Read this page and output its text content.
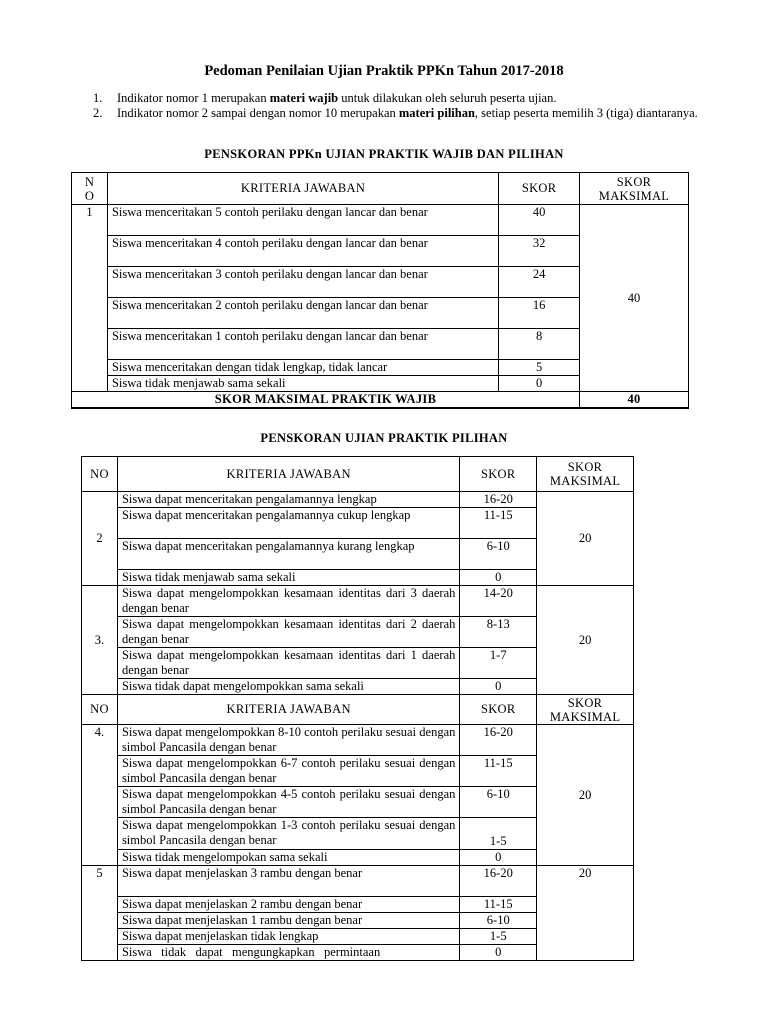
Pedoman Penilaian Ujian Praktik PPKn Tahun 2017-2018
1.	Indikator nomor 1 merupakan materi wajib untuk dilakukan oleh seluruh peserta ujian.
2.	Indikator nomor 2 sampai dengan nomor 10 merupakan materi pilihan, setiap peserta memilih 3 (tiga) diantaranya.
PENSKORAN PPKn UJIAN PRAKTIK WAJIB DAN PILIHAN
N O	KRITERIA JAWABAN	SKOR	SKOR MAKSIMAL
1	Siswa menceritakan 5 contoh perilaku dengan lancar dan benar	40	40
	Siswa menceritakan 4 contoh perilaku dengan lancar dan benar	32	
	Siswa menceritakan 3 contoh perilaku dengan lancar dan benar	24	
	Siswa menceritakan 2 contoh perilaku dengan lancar dan benar	16	
	Siswa menceritakan 1 contoh perilaku dengan lancar dan benar	8	
	Siswa menceritakan dengan tidak lengkap, tidak lancar	5	
	Siswa tidak menjawab sama sekali	0	
SKOR MAKSIMAL PRAKTIK WAJIB			40
PENSKORAN UJIAN PRAKTIK PILIHAN
NO	KRITERIA JAWABAN	SKOR	SKOR MAKSIMAL
2	Siswa dapat menceritakan pengalamannya lengkap	16-20	20
	Siswa dapat menceritakan pengalamannya cukup lengkap	11-15	
	Siswa dapat menceritakan pengalamannya kurang lengkap	6-10	
	Siswa tidak menjawab sama sekali	0	
3.	Siswa dapat mengelompokkan kesamaan identitas dari 3 daerah dengan benar	14-20	20
	Siswa dapat mengelompokkan kesamaan identitas dari 2 daerah dengan benar	8-13	
	Siswa dapat mengelompokkan kesamaan identitas dari 1 daerah dengan benar	1-7	
	Siswa tidak dapat mengelompokkan sama sekali	0	
NO	KRITERIA JAWABAN	SKOR	SKOR MAKSIMAL
4.	Siswa dapat mengelompokkan 8-10 contoh perilaku sesuai dengan simbol Pancasila dengan benar	16-20	20
	Siswa dapat mengelompokkan 6-7 contoh perilaku sesuai dengan simbol Pancasila dengan benar	11-15	
	Siswa dapat mengelompokkan 4-5 contoh perilaku sesuai dengan simbol Pancasila dengan benar	6-10	
	Siswa dapat mengelompokkan 1-3 contoh perilaku sesuai dengan simbol Pancasila dengan benar	1-5	
	Siswa tidak mengelompokan sama sekali	0	
5	Siswa dapat menjelaskan 3 rambu dengan benar	16-20	20
	Siswa dapat menjelaskan 2 rambu dengan benar	11-15	
	Siswa dapat menjelaskan 1 rambu dengan benar	6-10	
	Siswa dapat menjelaskan tidak lengkap	1-5	
	Siswa   tidak   dapat   mengungkapkan   permintaan	0	
